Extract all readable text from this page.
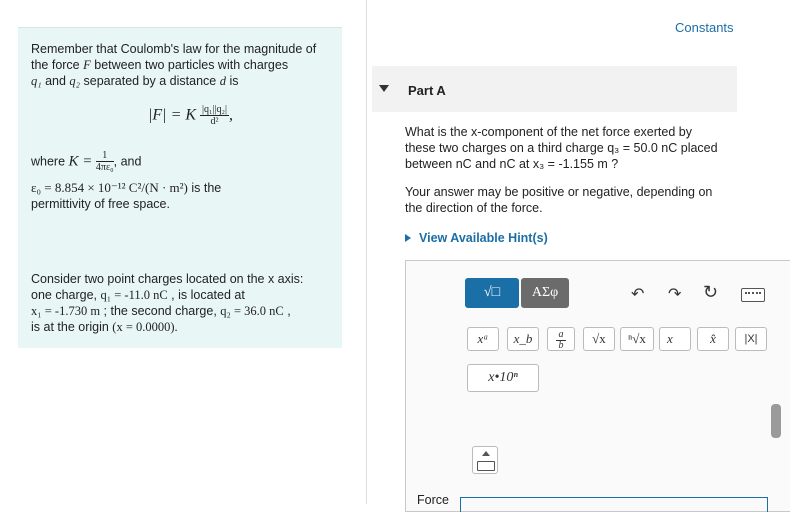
Remember that Coulomb's law for the magnitude of
the force F between two particles with charges
q₁ and q₂ separated by a distance d is
|F| = K $\frac{\text{|q₁||q₂|}}{\text{d²}}$ ,
where $K = \frac{1}{\text{4πε₀}}$ , and
ε₀ = 8.854 × 10⁻¹² C²/(N · m²) is the
permittivity of free space.
Consider two point charges located on the x axis:
one charge, q₁ = -11.0 nC , is located at
x₁ = -1.730 m ; the second charge, q₂ = 36.0 nC ,
is at the origin (x = 0.0000).
Constants
Part A
What is the x-component of the net force exerted by
these two charges on a third charge q₃ = 50.0 nC placed
between nC and nC at x₃ = -1.155 m ?
Your answer may be positive or negative, depending on
the direction of the force.
View Available Hint(s)
√□	ΑΣφ	↶ ↷ ↻
xᵃ	x_b	$\frac{a}{b}$	√x	ⁿ√x	x⃗	x̂	|X|
x•10ⁿ
Force
